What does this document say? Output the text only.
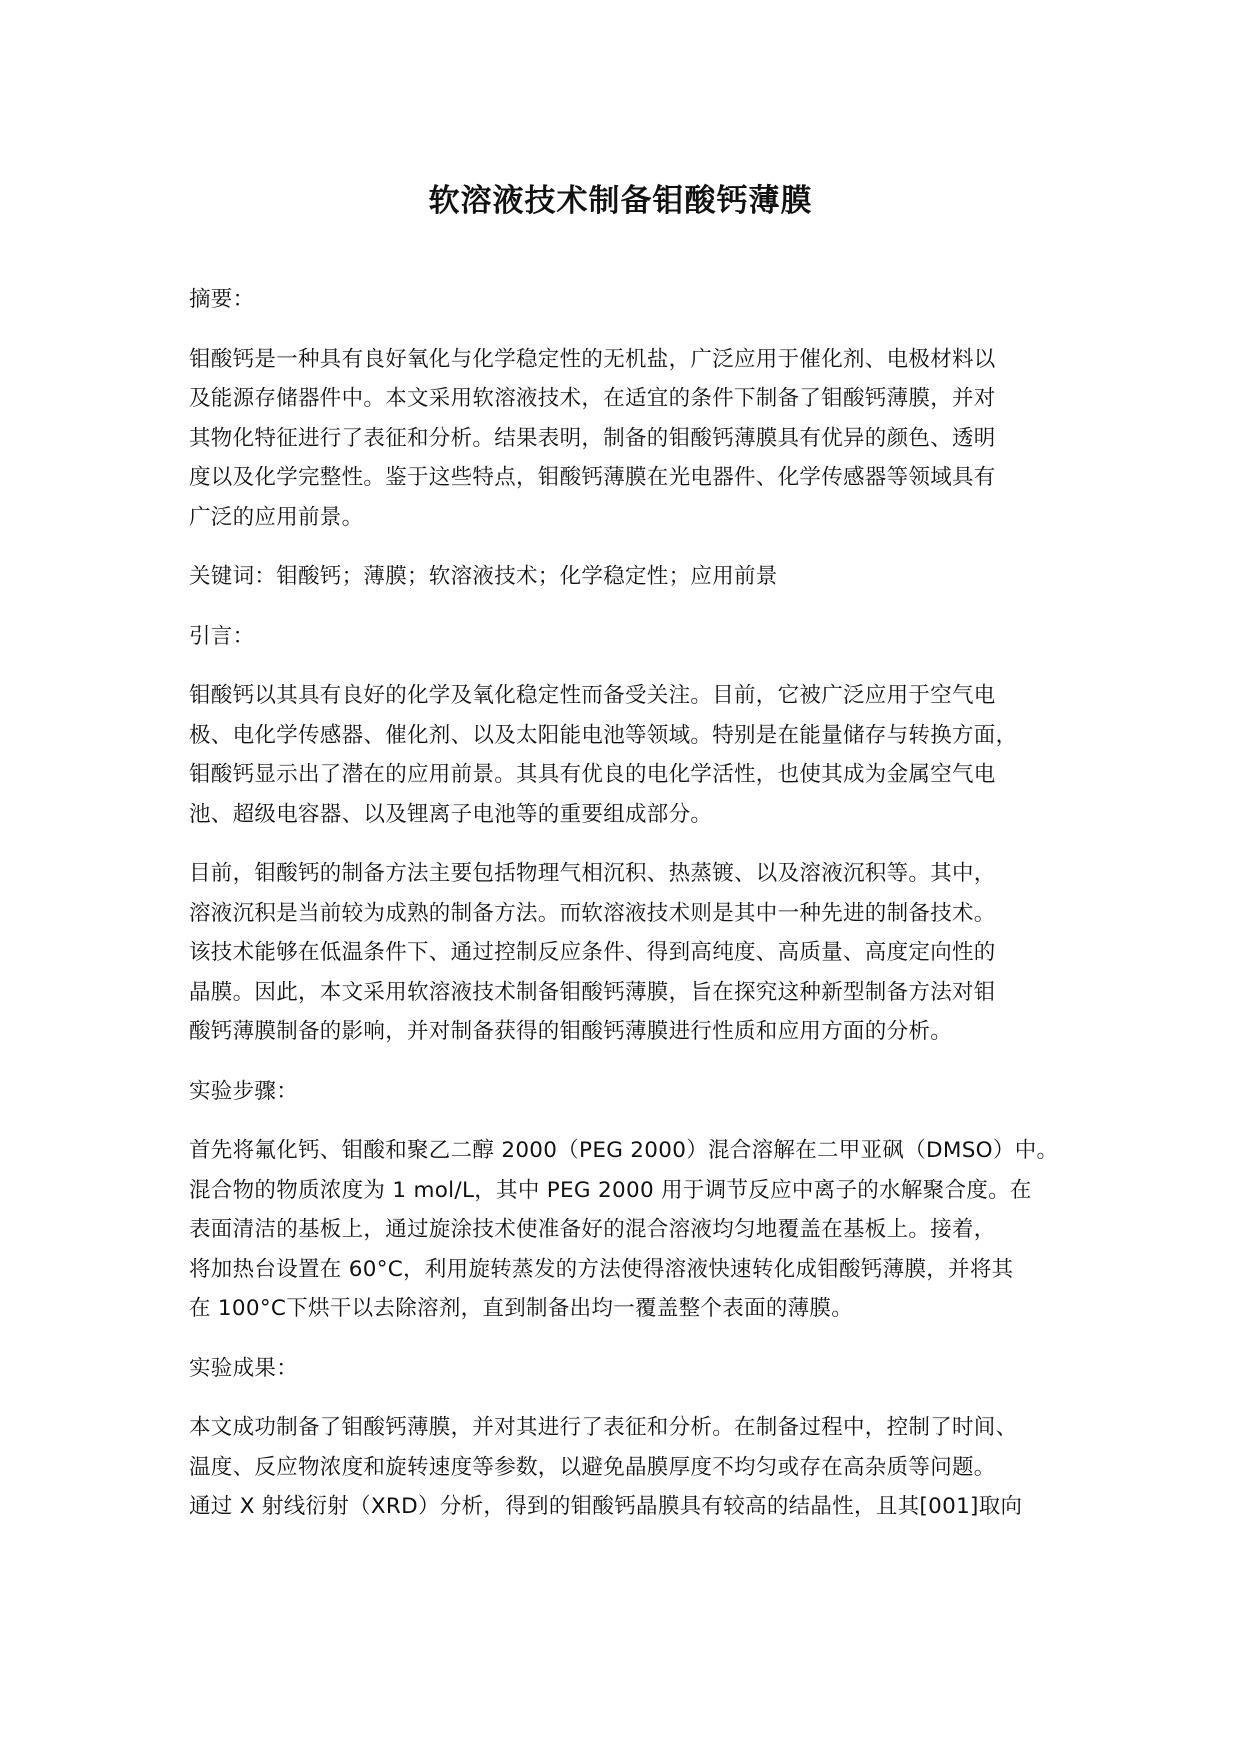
软溶液技术制备钼酸钙薄膜

摘要：

钼酸钙是一种具有良好氧化与化学稳定性的无机盐，广泛应用于催化剂、电极材料以
及能源存储器件中。本文采用软溶液技术，在适宜的条件下制备了钼酸钙薄膜，并对
其物化特征进行了表征和分析。结果表明，制备的钼酸钙薄膜具有优异的颜色、透明
度以及化学完整性。鉴于这些特点，钼酸钙薄膜在光电器件、化学传感器等领域具有
广泛的应用前景。

关键词：钼酸钙；薄膜；软溶液技术；化学稳定性；应用前景

引言：

钼酸钙以其具有良好的化学及氧化稳定性而备受关注。目前，它被广泛应用于空气电
极、电化学传感器、催化剂、以及太阳能电池等领域。特别是在能量储存与转换方面，
钼酸钙显示出了潜在的应用前景。其具有优良的电化学活性，也使其成为金属空气电
池、超级电容器、以及锂离子电池等的重要组成部分。

目前，钼酸钙的制备方法主要包括物理气相沉积、热蒸镀、以及溶液沉积等。其中，
溶液沉积是当前较为成熟的制备方法。而软溶液技术则是其中一种先进的制备技术。
该技术能够在低温条件下、通过控制反应条件、得到高纯度、高质量、高度定向性的
晶膜。因此，本文采用软溶液技术制备钼酸钙薄膜，旨在探究这种新型制备方法对钼
酸钙薄膜制备的影响，并对制备获得的钼酸钙薄膜进行性质和应用方面的分析。

实验步骤：

首先将氟化钙、钼酸和聚乙二醇 2000（PEG 2000）混合溶解在二甲亚砜（DMSO）中。
混合物的物质浓度为 1 mol/L，其中 PEG 2000 用于调节反应中离子的水解聚合度。在
表面清洁的基板上，通过旋涂技术使准备好的混合溶液均匀地覆盖在基板上。接着，
将加热台设置在 60°C，利用旋转蒸发的方法使得溶液快速转化成钼酸钙薄膜，并将其
在 100°C下烘干以去除溶剂，直到制备出均一覆盖整个表面的薄膜。

实验成果：

本文成功制备了钼酸钙薄膜，并对其进行了表征和分析。在制备过程中，控制了时间、
温度、反应物浓度和旋转速度等参数，以避免晶膜厚度不均匀或存在高杂质等问题。
通过 X 射线衍射（XRD）分析，得到的钼酸钙晶膜具有较高的结晶性，且其[001]取向
